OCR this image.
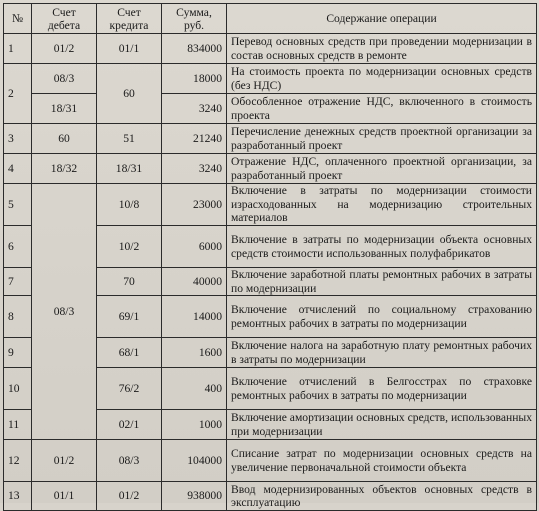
№	Счет дебета	Счет кредита	Сумма, руб.	Содержание операции
1	01/2	01/1	834000	Перевод основных средств при проведении модернизации в состав основных средств в ремонте
2	08/3	60	18000	На стоимость проекта по модернизации основных средств (без НДС)
	18/31		3240	Обособленное отражение НДС, включенного в стоимость проекта
3	60	51	21240	Перечисление денежных средств проектной организации за разработанный проект
4	18/32	18/31	3240	Отражение НДС, оплаченного проектной организации, за разработанный проект
5	08/3	10/8	23000	Включение в затраты по модернизации стоимости израсходованных на модернизацию строительных материалов
6		10/2	6000	Включение в затраты по модернизации объекта основных средств стоимости использованных полуфабрикатов
7		70	40000	Включение заработной платы ремонтных рабочих в затраты по модернизации
8		69/1	14000	Включение отчислений по социальному страхованию ремонтных рабочих в затраты по модернизации
9		68/1	1600	Включение налога на заработную плату ремонтных рабочих в затраты по модернизации
10		76/2	400	Включение отчислений в Белгосстрах по страховке ремонтных рабочих в затраты по модернизации
11		02/1	1000	Включение амортизации основных средств, использованных при модернизации
12	01/2	08/3	104000	Списание затрат по модернизации основных средств на увеличение первоначальной стоимости объекта
13	01/1	01/2	938000	Ввод модернизированных объектов основных средств в эксплуатацию
